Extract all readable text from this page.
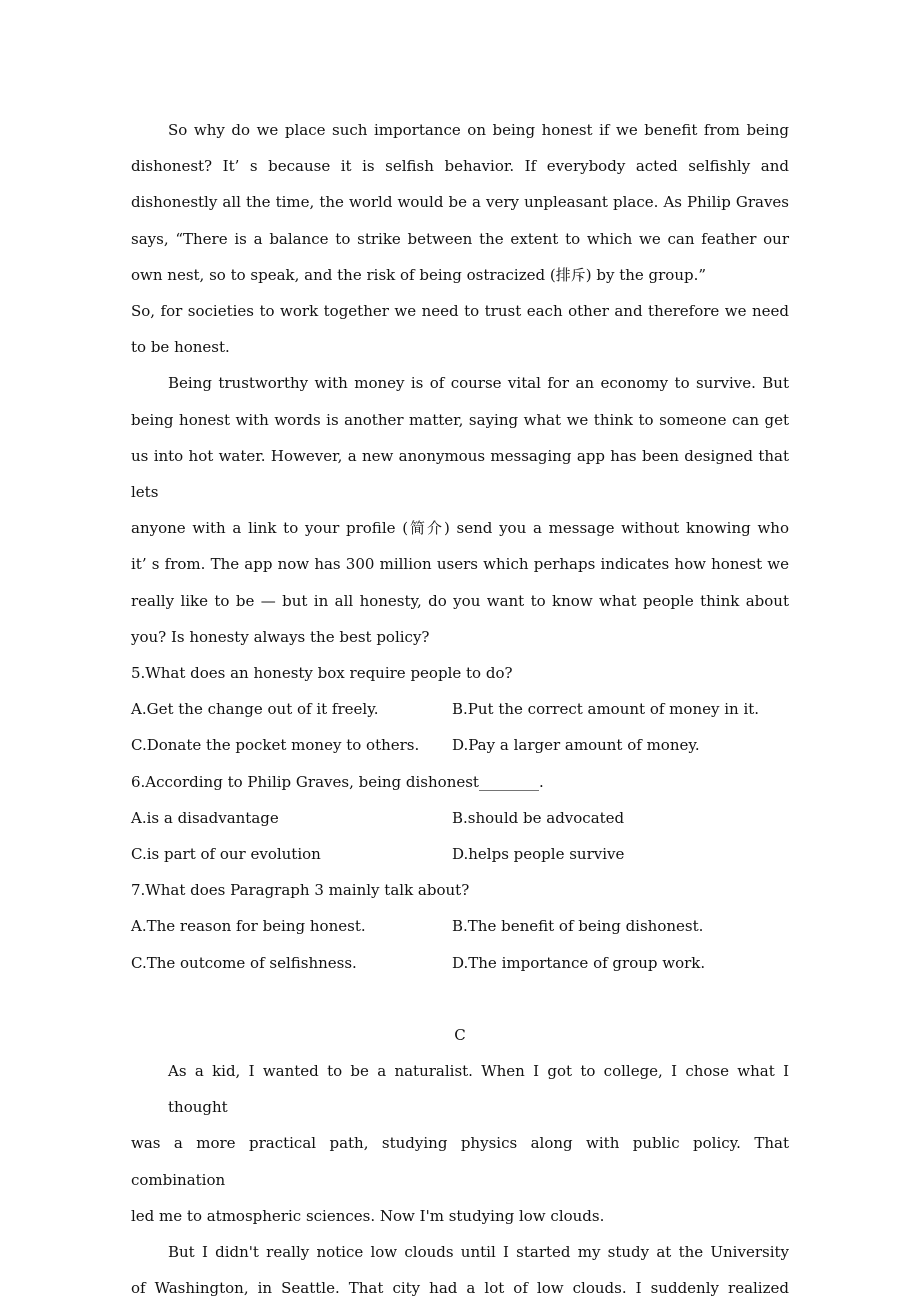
So why do we place such importance on being honest if we benefit from being
dishonest? It’ s because it is selfish behavior. If everybody acted selfishly and
dishonestly all the time, the world would be a very unpleasant place. As Philip Graves
says, “There is a balance to strike between the extent to which we can feather our
own nest, so to speak, and the risk of being ostracized (排斥) by the group.”
So, for societies to work together we need to trust each other and therefore we need
to be honest.

Being trustworthy with money is of course vital for an economy to survive. But
being honest with words is another matter, saying what we think to someone can get
us into hot water. However, a new anonymous messaging app has been designed that lets
anyone with a link to your profile (简介) send you a message without knowing who
it’ s from. The app now has 300 million users which perhaps indicates how honest we
really like to be — but in all honesty, do you want to know what people think about
you? Is honesty always the best policy?

5.What does an honesty box require people to do?

A.Get the change out of it freely.	B.Put the correct amount of money in it.
C.Donate the pocket money to others.	D.Pay a larger amount of money.

6.According to Philip Graves, being dishonest________.

A.is a disadvantage	B.should be advocated
C.is part of our evolution	D.helps people survive

7.What does Paragraph 3 mainly talk about?

A.The reason for being honest.	B.The benefit of being dishonest.
C.The outcome of selfishness.	D.The importance of group work.

C

As a kid, I wanted to be a naturalist. When I got to college, I chose what I thought
was a more practical path, studying physics along with public policy. That combination
led me to atmospheric sciences. Now I'm studying low clouds.

But I didn't really notice low clouds until I started my study at the University
of Washington, in Seattle. That city had a lot of low clouds. I suddenly realized
